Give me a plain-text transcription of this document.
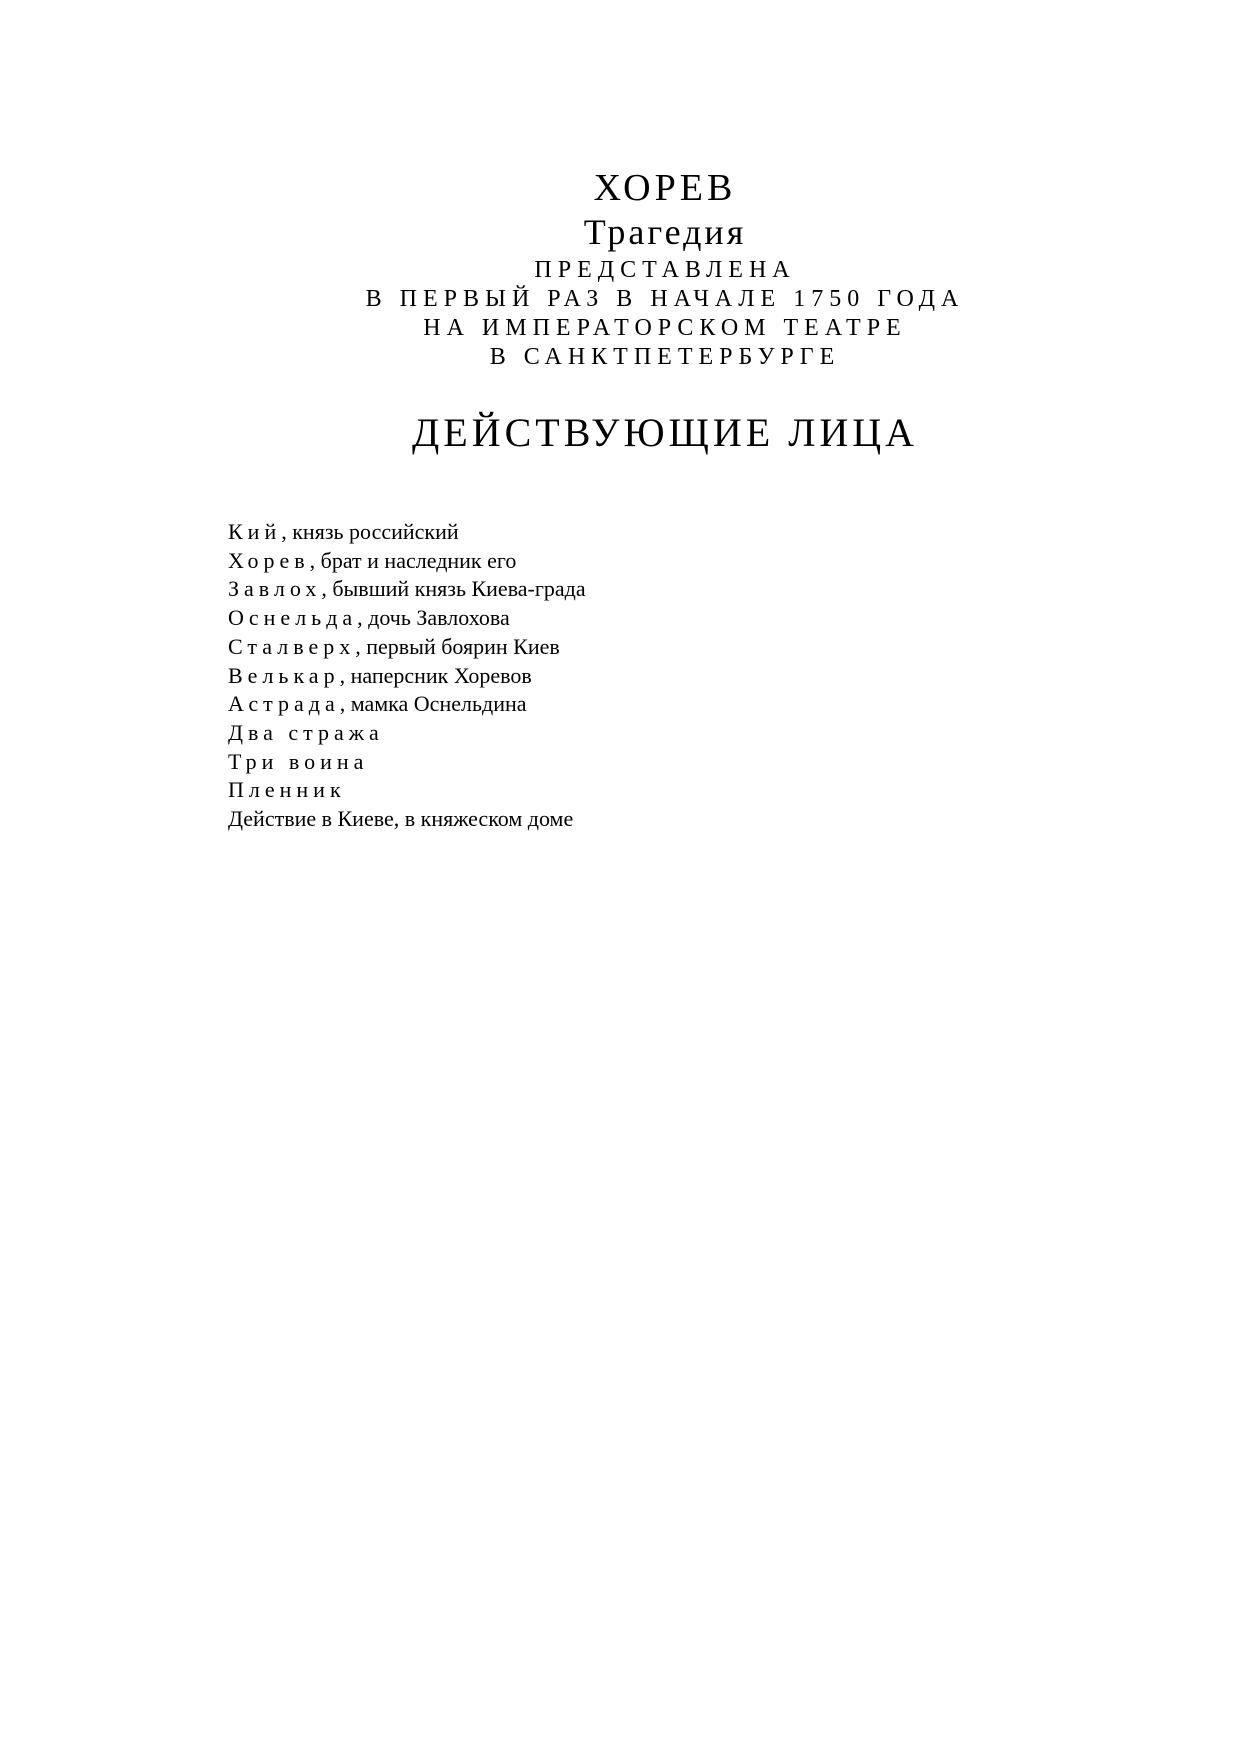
ХОРЕВ
Трагедия
ПРЕДСТАВЛЕНА
В ПЕРВЫЙ РАЗ В НАЧАЛЕ 1750 ГОДА
НА ИМПЕРАТОРСКОМ ТЕАТРЕ
В САНКТПЕТЕРБУРГЕ
ДЕЙСТВУЮЩИЕ ЛИЦА
Кий, князь российский
Хорев, брат и наследник его
Завлох, бывший князь Киева-града
Оснельда, дочь Завлохова
Сталверх, первый боярин Киев
Велькар, наперсник Хоревов
Астрада, мамка Оснельдина
Два стража
Три воина
Пленник
Действие в Киеве, в княжеском доме
